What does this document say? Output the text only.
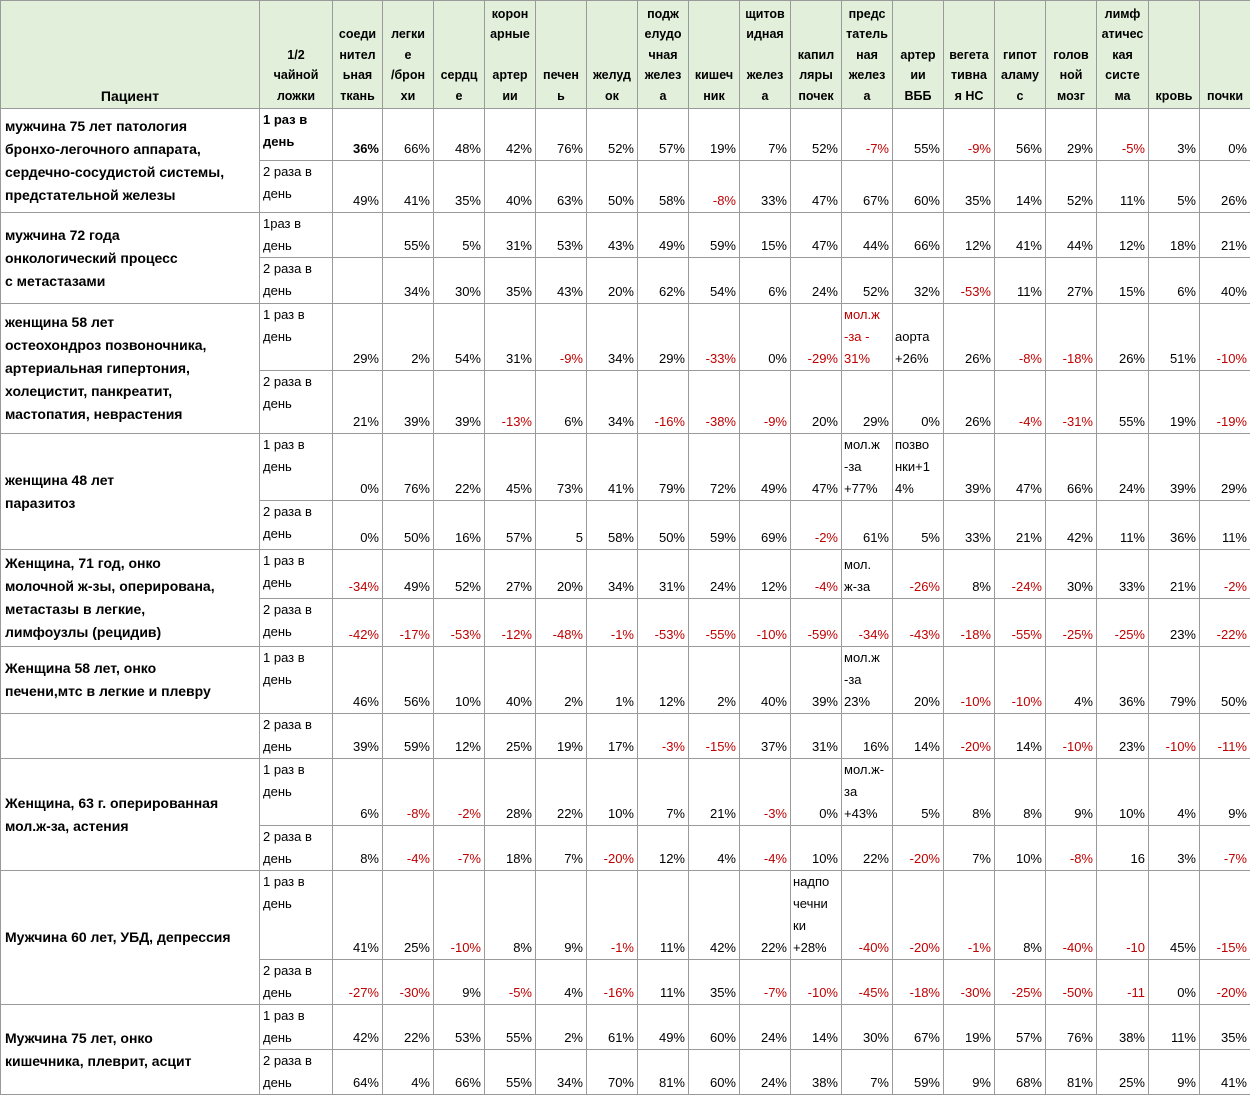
Пациент	1/2
чайной
ложки	соеди
нител
ьная
ткань	легки
е
/брон
хи	сердц
е	корон
арные

артер
ии	печен
ь	желуд
ок	подж
елудо
чная
желез
а	кишеч
ник	щитов
идная

желез
а	капил
ляры
почек	предс
татель
ная
желез
а	артер
ии
ВББ	вегета
тивна
я НС	гипот
aламу
с	голов
ной
мозг	лимф
атичес
кая
систе
ма	кровь	почки
мужчина 75 лет патология
бронхо-легочного аппарата,
сердечно-сосудистой системы,
предстательной железы	1 раз в
день	36%	66%	48%	42%	76%	52%	57%	19%	7%	52%	-7%	55%	-9%	56%	29%	-5%	3%	0%
	2 раза в
день	49%	41%	35%	40%	63%	50%	58%	-8%	33%	47%	67%	60%	35%	14%	52%	11%	5%	26%
мужчина 72 года
онкологический процесс
с метастазами	1раз в
день		55%	5%	31%	53%	43%	49%	59%	15%	47%	44%	66%	12%	41%	44%	12%	18%	21%
	2 раза в
день		34%	30%	35%	43%	20%	62%	54%	6%	24%	52%	32%	-53%	11%	27%	15%	6%	40%
женщина 58 лет
остеохондроз позвоночника,
артериальная гипертония,
холецистит, панкреатит,
мастопатия, неврастения	1 раз в
день	29%	2%	54%	31%	-9%	34%	29%	-33%	0%	-29%	мол.ж
-за -
31%	аорта
+26%	26%	-8%	-18%	26%	51%	-10%
	2 раза в
день	21%	39%	39%	-13%	6%	34%	-16%	-38%	-9%	20%	29%	0%	26%	-4%	-31%	55%	19%	-19%
женщина 48 лет
паразитоз	1 раз в
день	0%	76%	22%	45%	73%	41%	79%	72%	49%	47%	мол.ж
-за
+77%	позво
нки+1
4%	39%	47%	66%	24%	39%	29%
	2 раза в
день	0%	50%	16%	57%	5	58%	50%	59%	69%	-2%	61%	5%	33%	21%	42%	11%	36%	11%
Женщина, 71 год, онко
молочной ж-зы, оперирована,
метастазы в легкие,
лимфоузлы (рецидив)	1 раз в
день	-34%	49%	52%	27%	20%	34%	31%	24%	12%	-4%	мол.
ж-за	-26%	8%	-24%	30%	33%	21%	-2%
	2 раза в
день	-42%	-17%	-53%	-12%	-48%	-1%	-53%	-55%	-10%	-59%	-34%	-43%	-18%	-55%	-25%	-25%	23%	-22%
Женщина 58 лет, онко
печени,мтс в легкие и плевру	1 раз в
день	46%	56%	10%	40%	2%	1%	12%	2%	40%	39%	мол.ж
-за
23%	20%	-10%	-10%	4%	36%	79%	50%
	2 раза в
день	39%	59%	12%	25%	19%	17%	-3%	-15%	37%	31%	16%	14%	-20%	14%	-10%	23%	-10%	-11%
Женщина, 63 г. оперированная
мол.ж-за, астения	1 раз в
день	6%	-8%	-2%	28%	22%	10%	7%	21%	-3%	0%	мол.ж-
за
+43%	5%	8%	8%	9%	10%	4%	9%
	2 раза в
день	8%	-4%	-7%	18%	7%	-20%	12%	4%	-4%	10%	22%	-20%	7%	10%	-8%	16	3%	-7%
Мужчина 60 лет, УБД, депрессия	1 раз в
день	41%	25%	-10%	8%	9%	-1%	11%	42%	22%	надпо
чечни
ки
+28%	-40%	-20%	-1%	8%	-40%	-10	45%	-15%
	2 раза в
день	-27%	-30%	9%	-5%	4%	-16%	11%	35%	-7%	-10%	-45%	-18%	-30%	-25%	-50%	-11	0%	-20%
Мужчина 75 лет, онко
кишечника, плеврит, асцит	1 раз в
день	42%	22%	53%	55%	2%	61%	49%	60%	24%	14%	30%	67%	19%	57%	76%	38%	11%	35%
	2 раза в
день	64%	4%	66%	55%	34%	70%	81%	60%	24%	38%	7%	59%	9%	68%	81%	25%	9%	41%
